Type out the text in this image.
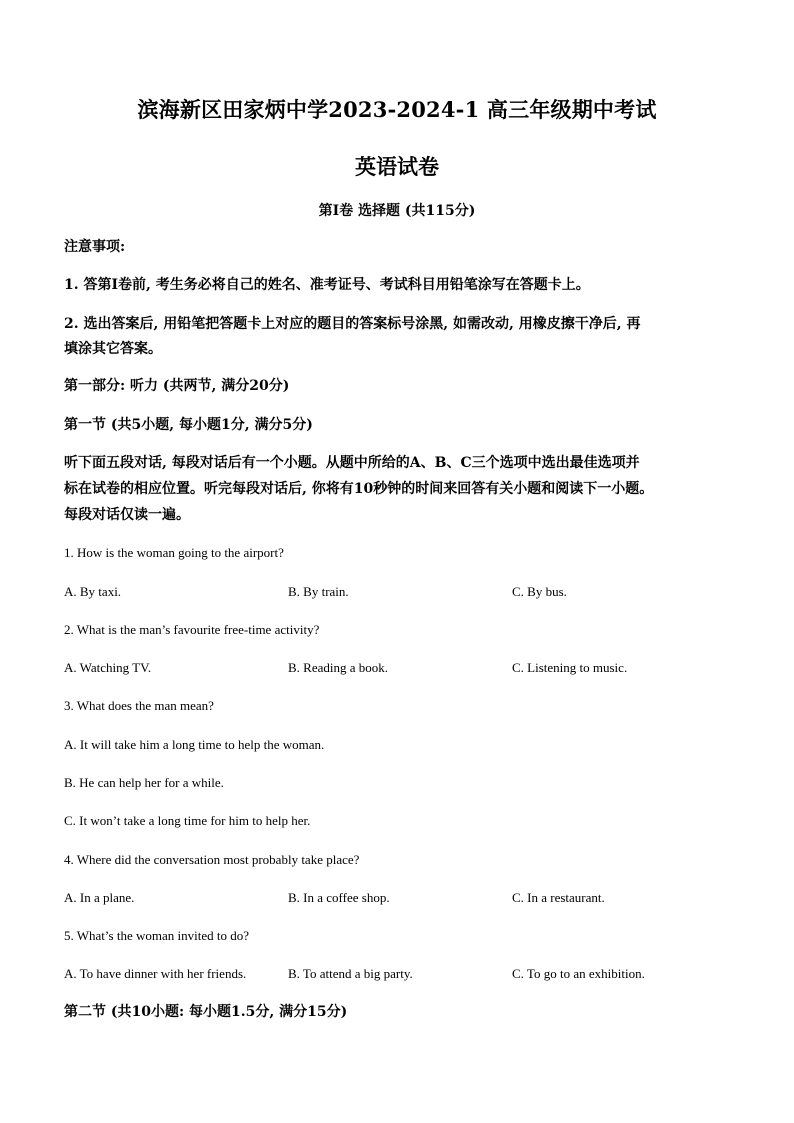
滨海新区田家炳中学2023-2024-1 高三年级期中考试
英语试卷
第I卷 选择题 (共115分)
注意事项:
1. 答第I卷前, 考生务必将自己的姓名、准考证号、考试科目用铅笔涂写在答题卡上。
2. 选出答案后, 用铅笔把答题卡上对应的题目的答案标号涂黑, 如需改动, 用橡皮擦干净后, 再
填涂其它答案。
第一部分: 听力 (共两节, 满分20分)
第一节 (共5小题, 每小题1分, 满分5分)
听下面五段对话, 每段对话后有一个小题。从题中所给的A、B、C三个选项中选出最佳选项并
标在试卷的相应位置。听完每段对话后, 你将有10秒钟的时间来回答有关小题和阅读下一小题。
每段对话仅读一遍。
1. How is the woman going to the airport?
A. By taxi.	B. By train.	C. By bus.
2. What is the man’s favourite free-time activity?
A. Watching TV.	B. Reading a book.	C. Listening to music.
3. What does the man mean?
A. It will take him a long time to help the woman.
B. He can help her for a while.
C. It won’t take a long time for him to help her.
4. Where did the conversation most probably take place?
A. In a plane.	B. In a coffee shop.	C. In a restaurant.
5. What’s the woman invited to do?
A. To have dinner with her friends.	B. To attend a big party.	C. To go to an exhibition.
第二节 (共10小题: 每小题1.5分, 满分15分)
